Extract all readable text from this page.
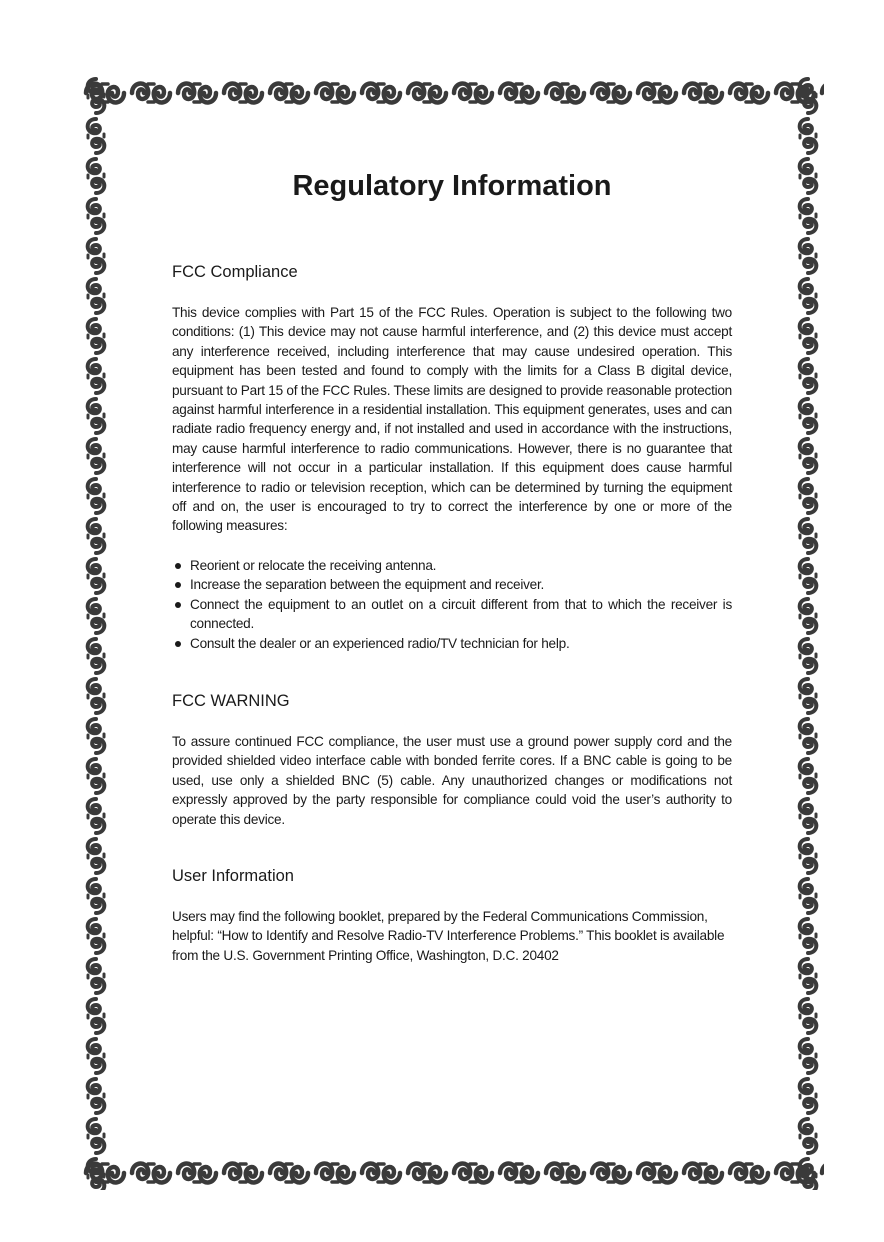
Regulatory Information
FCC Compliance

This device complies with Part 15 of the FCC Rules. Operation is subject to the following two conditions: (1) This device may not cause harmful interference, and (2) this device must accept any interference received, including interference that may cause undesired operation. This equipment has been tested and found to comply with the limits for a Class B digital device, pursuant to Part 15 of the FCC Rules. These limits are designed to provide reasonable protection against harmful interference in a residential installation. This equipment generates, uses and can radiate radio frequency energy and, if not installed and used in accordance with the instructions, may cause harmful interference to radio communications. However, there is no guarantee that interference will not occur in a particular installation. If this equipment does cause harmful interference to radio or television reception, which can be determined by turning the equipment off and on, the user is encouraged to try to correct the interference by one or more of the following measures:

Reorient or relocate the receiving antenna.
Increase the separation between the equipment and receiver.
Connect the equipment to an outlet on a circuit different from that to which the receiver is connected.
Consult the dealer or an experienced radio/TV technician for help.
FCC WARNING

To assure continued FCC compliance, the user must use a ground power supply cord and the provided shielded video interface cable with bonded ferrite cores. If a BNC cable is going to be used, use only a shielded BNC (5) cable. Any unauthorized changes or modifications not expressly approved by the party responsible for compliance could void the user’s authority to operate this device.

User Information

Users may find the following booklet, prepared by the Federal Communications Commission, helpful: “How to Identify and Resolve Radio-TV Interference Problems.” This booklet is available from the U.S. Government Printing Office, Washington, D.C. 20402
